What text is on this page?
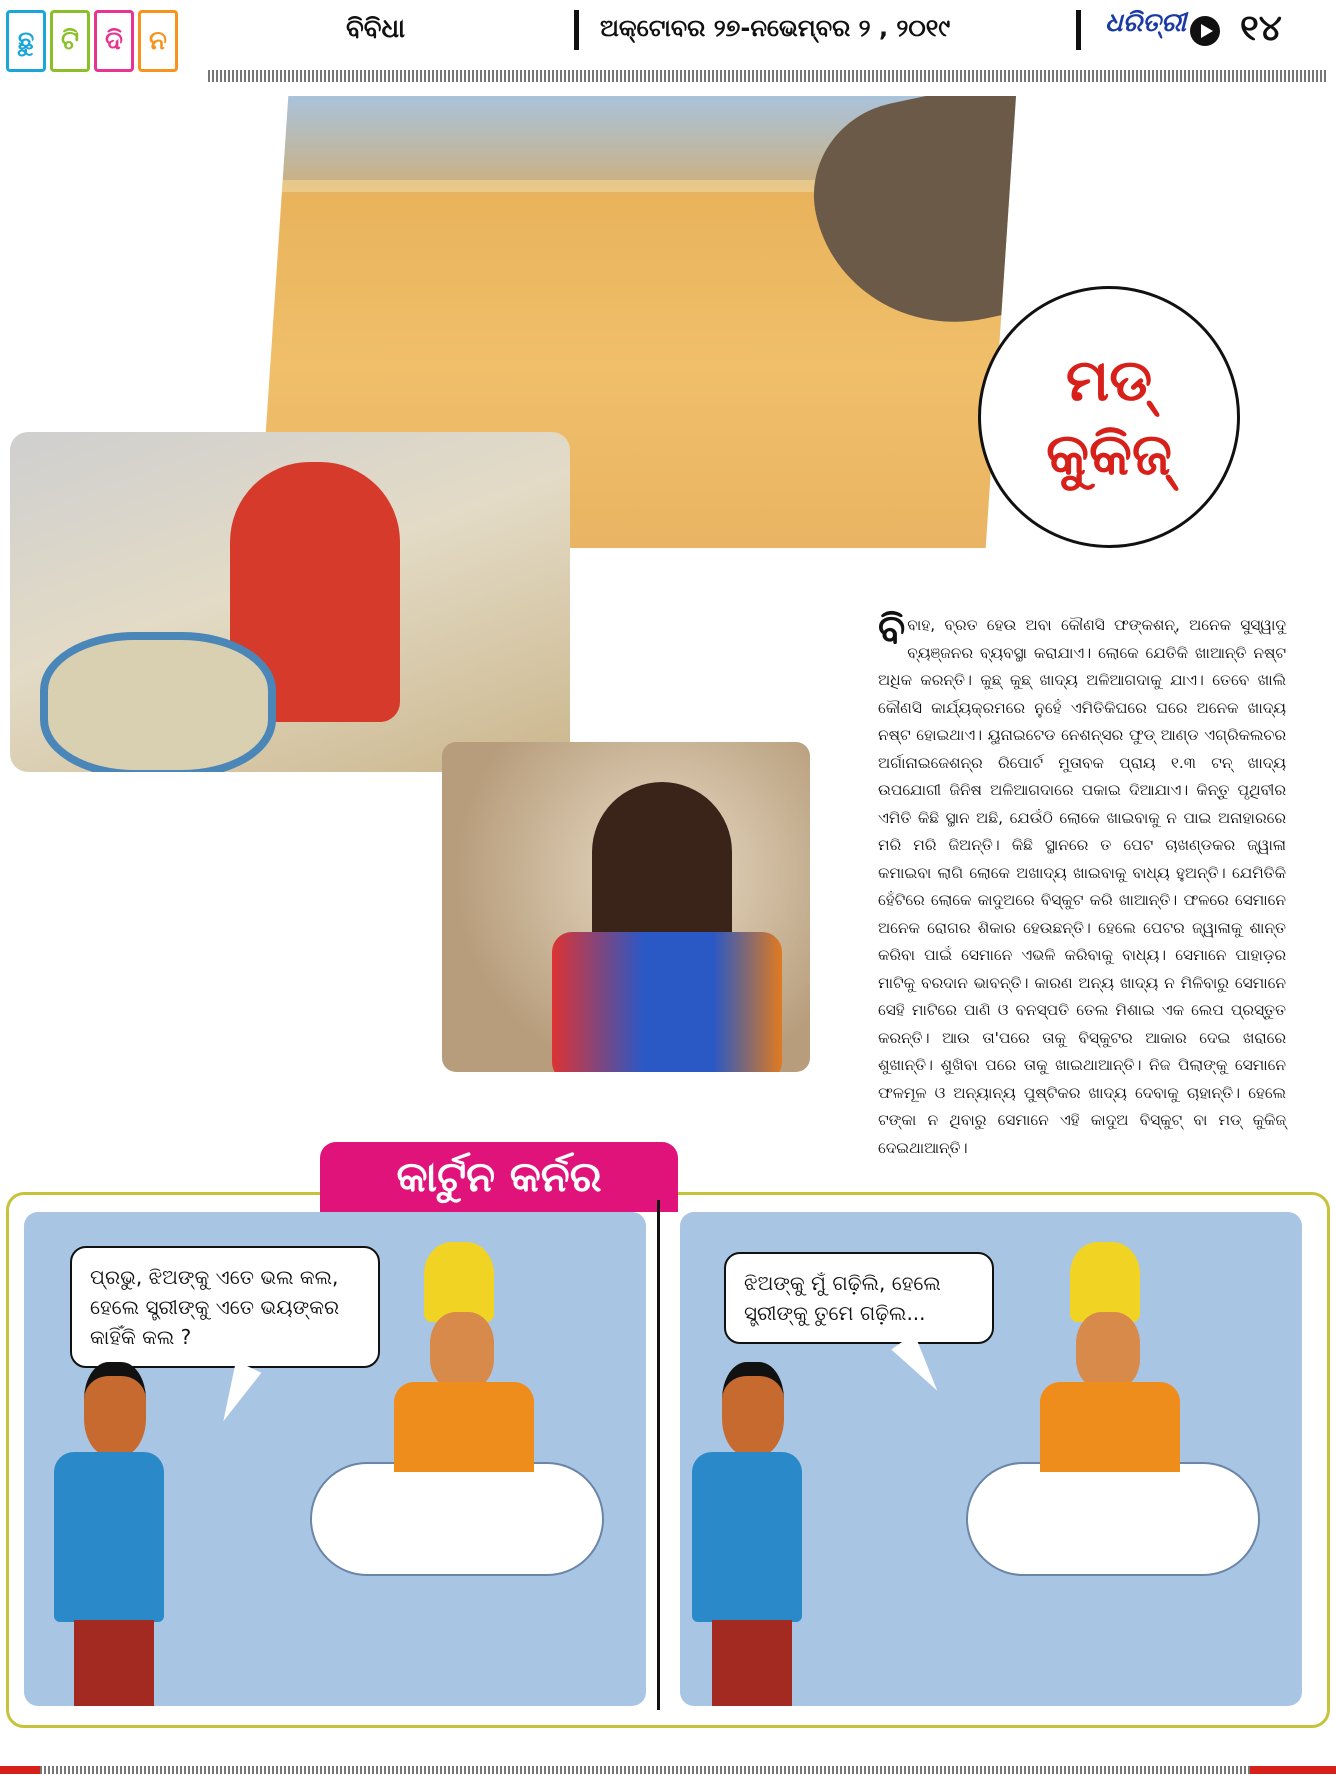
ଛୁ	ଟି	ଦି	ନ	ବିବିଧା	ଅକ୍ଟୋବର ୨୭-ନଭେମ୍ବର ୨ , ୨୦୧୯	ଧରିତ୍ରୀ ୧୪
ମଡ୍
କୁକିଜ୍
ବିବାହ, ବ୍ରତ ହେଉ ଅବା କୌଣସି ଫଙ୍କଶନ୍, ଅନେକ ସୁସ୍ୱାଦୁ ବ୍ୟଞ୍ଜନର ବ୍ୟବସ୍ଥା କରାଯାଏ। ଲୋକେ ଯେତିକି ଖାଆନ୍ତି ନଷ୍ଟ ଅଧିକ କରନ୍ତି। କୁଛ୍ କୁଛ୍ ଖାଦ୍ୟ ଅଳିଆଗଦାକୁ ଯାଏ। ତେବେ ଖାଲି କୌଣସି କାର୍ଯ୍ୟକ୍ରମରେ ନୁହେଁ ଏମିତିକିଘରେ ଘରେ ଅନେକ ଖାଦ୍ୟ ନଷ୍ଟ ହୋଇଥାଏ। ୟୁନାଇଟେଡ ନେଶନ୍ସର ଫୁଡ୍ ଆଣ୍ଡ ଏଗ୍ରିକଲଚର ଅର୍ଗାନାଇଜେଶନ୍‌ର ରିପୋର୍ଟ ମୁତାବକ ପ୍ରାୟ ୧.୩ ଟନ୍ ଖାଦ୍ୟ ଉପଯୋଗୀ ଜିନିଷ ଅଳିଆଗଦାରେ ପକାଇ ଦିଆଯାଏ। କିନ୍ତୁ ପୃଥିବୀର ଏମିତି କିଛି ସ୍ଥାନ ଅଛି, ଯେଉଁଠି ଲୋକେ ଖାଇବାକୁ ନ ପାଇ ଅନାହାରରେ ମରି ମରି ଜିଅନ୍ତି। କିଛି ସ୍ଥାନରେ ତ ପେଟ ଚାଖଣ୍ଡକର ଜ୍ୱାଳା କମାଇବା ଲାଗି ଲୋକେ ଅଖାଦ୍ୟ ଖାଇବାକୁ ବାଧ୍ୟ ହୁଅନ୍ତି। ଯେମିତିକି ହେଁଟିରେ ଲୋକେ କାଦୁଅରେ ବିସ୍କୁଟ କରି ଖାଆନ୍ତି। ଫଳରେ ସେମାନେ ଅନେକ ରୋଗର ଶିକାର ହେଉଛନ୍ତି। ହେଲେ ପେଟର ଜ୍ୱାଳାକୁ ଶାନ୍ତ କରିବା ପାଇଁ ସେମାନେ ଏଭଳି କରିବାକୁ ବାଧ୍ୟ। ସେମାନେ ପାହାଡ଼ର ମାଟିକୁ ବରଦାନ ଭାବନ୍ତି। କାରଣ ଅନ୍ୟ ଖାଦ୍ୟ ନ ମିଳିବାରୁ ସେମାନେ ସେହି ମାଟିରେ ପାଣି ଓ ବନସ୍ପତି ତେଲ ମିଶାଇ ଏକ ଲେପ ପ୍ରସ୍ତୁତ କରନ୍ତି। ଆଉ ତା'ପରେ ତାକୁ ବିସ୍କୁଟର ଆକାର ଦେଇ ଖରାରେ ଶୁଖାନ୍ତି। ଶୁଖିବା ପରେ ତାକୁ ଖାଇଥାଆନ୍ତି। ନିଜ ପିଲାଙ୍କୁ ସେମାନେ ଫଳମୂଳ ଓ ଅନ୍ୟାନ୍ୟ ପୁଷ୍ଟିକର ଖାଦ୍ୟ ଦେବାକୁ ଚାହାନ୍ତି। ହେଲେ ଟଙ୍କା ନ ଥିବାରୁ ସେମାନେ ଏହି କାଦୁଅ ବିସ୍କୁଟ୍ ବା ମଡ୍ କୁକିଜ୍ ଦେଇଥାଆନ୍ତି।
କାର୍ଟୁନ କର୍ନର
ପ୍ରଭୁ, ଝିଅଙ୍କୁ ଏତେ ଭଲ କଲ,
ହେଲେ ସ୍ତ୍ରୀଙ୍କୁ ଏତେ ଭୟଙ୍କର
କାହିଁକି କଲ ?
ଝିଅଙ୍କୁ ମୁଁ ଗଢ଼ିଲି, ହେଲେ
ସ୍ତ୍ରୀଙ୍କୁ ତୁମେ ଗଢ଼ିଲ...
